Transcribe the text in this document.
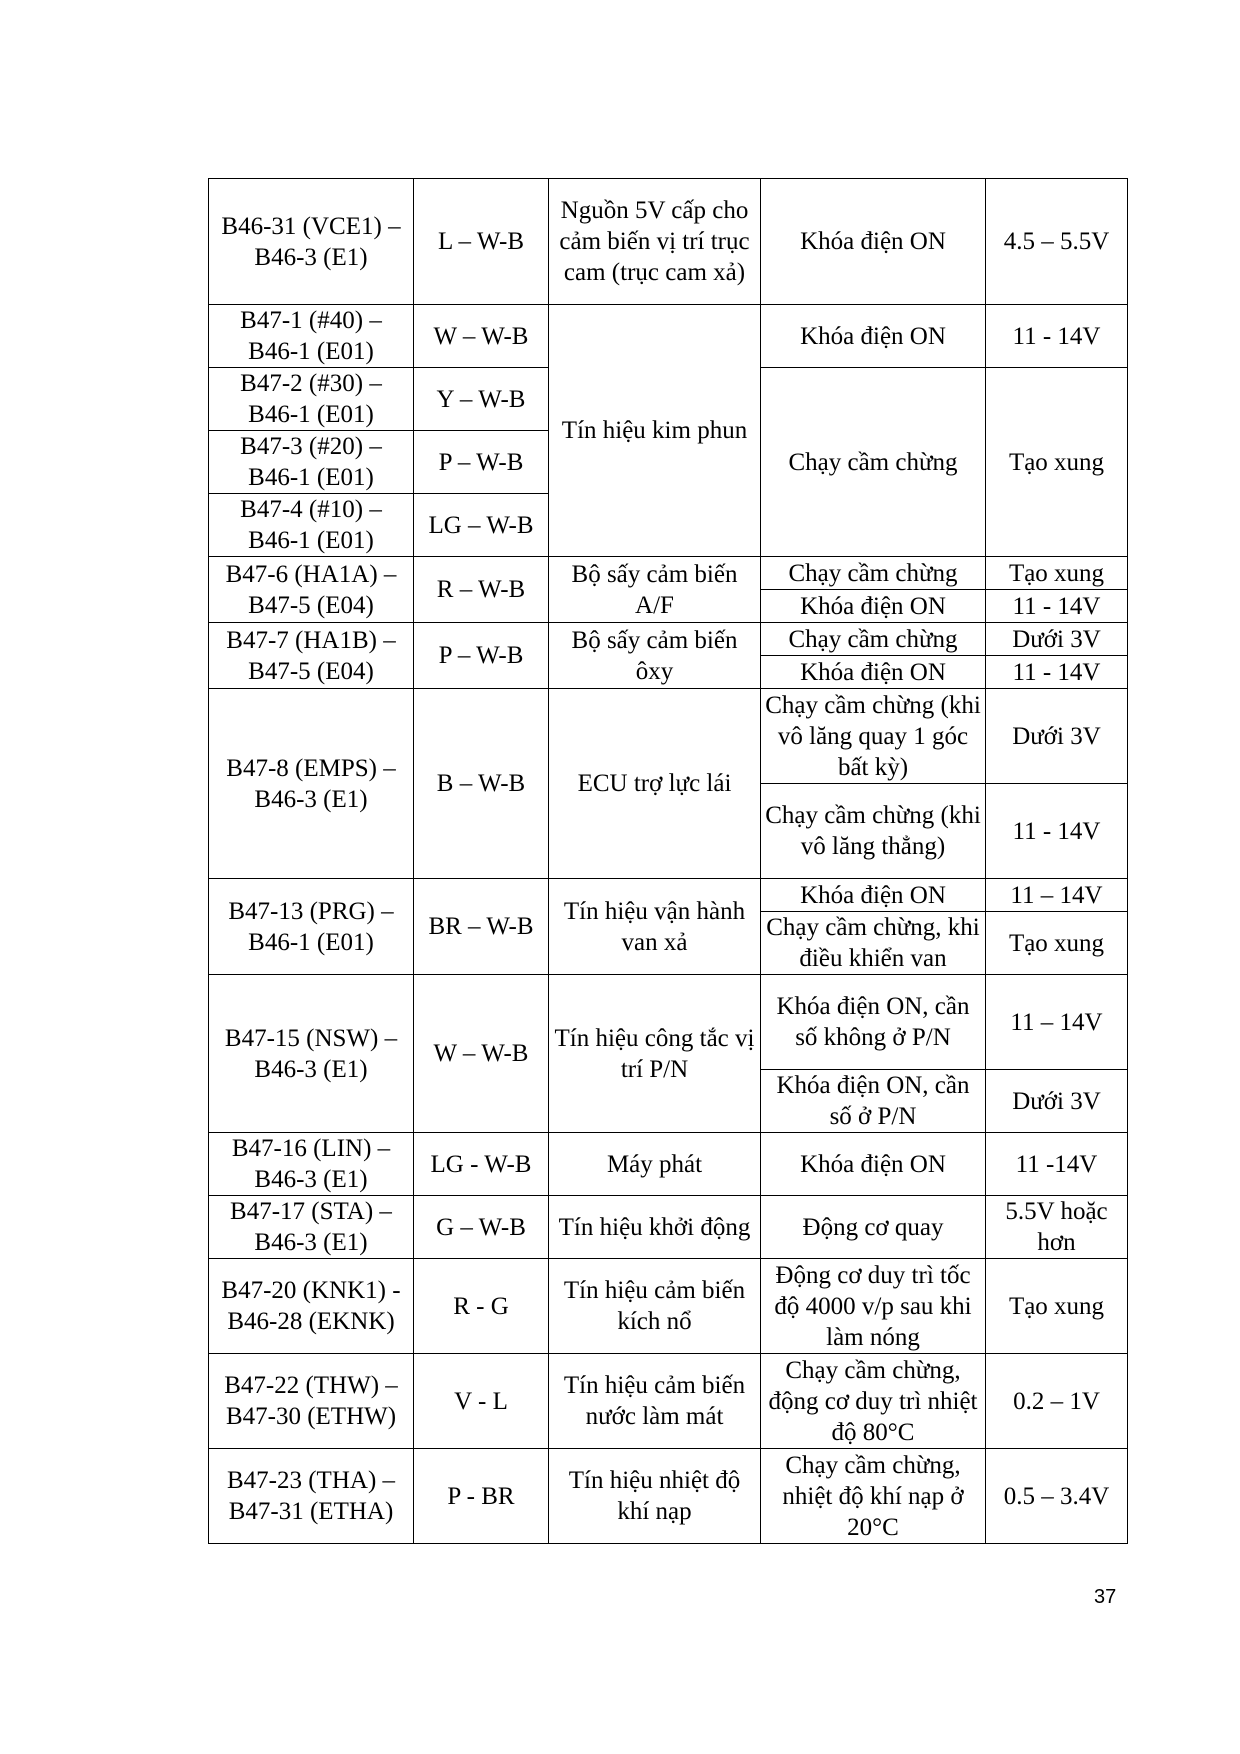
B46-31 (VCE1) – B46-3 (E1)	L – W-B	Nguồn 5V cấp cho cảm biến vị trí trục cam (trục cam xả)	Khóa điện ON	4.5 – 5.5V
B47-1 (#40) – B46-1 (E01)	W – W-B	Tín hiệu kim phun	Khóa điện ON	11 - 14V
B47-2 (#30) – B46-1 (E01)	Y – W-B		Chạy cầm chừng	Tạo xung
B47-3 (#20) – B46-1 (E01)	P – W-B			
B47-4 (#10) – B46-1 (E01)	LG – W-B			
B47-6 (HA1A) – B47-5 (E04)	R – W-B	Bộ sấy cảm biến A/F	Chạy cầm chừng	Tạo xung
			Khóa điện ON	11 - 14V
B47-7 (HA1B) – B47-5 (E04)	P – W-B	Bộ sấy cảm biến ôxy	Chạy cầm chừng	Dưới 3V
			Khóa điện ON	11 - 14V
B47-8 (EMPS) – B46-3 (E1)	B – W-B	ECU trợ lực lái	Chạy cầm chừng (khi vô lăng quay 1 góc bất kỳ)	Dưới 3V
			Chạy cầm chừng (khi vô lăng thẳng)	11 - 14V
B47-13 (PRG) – B46-1 (E01)	BR – W-B	Tín hiệu vận hành van xả	Khóa điện ON	11 – 14V
			Chạy cầm chừng, khi điều khiển van	Tạo xung
B47-15 (NSW) – B46-3 (E1)	W – W-B	Tín hiệu công tắc vị trí P/N	Khóa điện ON, cần số không ở P/N	11 – 14V
			Khóa điện ON, cần số ở P/N	Dưới 3V
B47-16 (LIN) – B46-3 (E1)	LG - W-B	Máy phát	Khóa điện ON	11 -14V
B47-17 (STA) – B46-3 (E1)	G – W-B	Tín hiệu khởi động	Động cơ quay	5.5V hoặc hơn
B47-20 (KNK1) - B46-28 (EKNK)	R - G	Tín hiệu cảm biến kích nổ	Động cơ duy trì tốc độ 4000 v/p sau khi làm nóng	Tạo xung
B47-22 (THW) – B47-30 (ETHW)	V - L	Tín hiệu cảm biến nước làm mát	Chạy cầm chừng, động cơ duy trì nhiệt độ 80°C	0.2 – 1V
B47-23 (THA) – B47-31 (ETHA)	P - BR	Tín hiệu nhiệt độ khí nạp	Chạy cầm chừng, nhiệt độ khí nạp ở 20°C	0.5 – 3.4V
37
